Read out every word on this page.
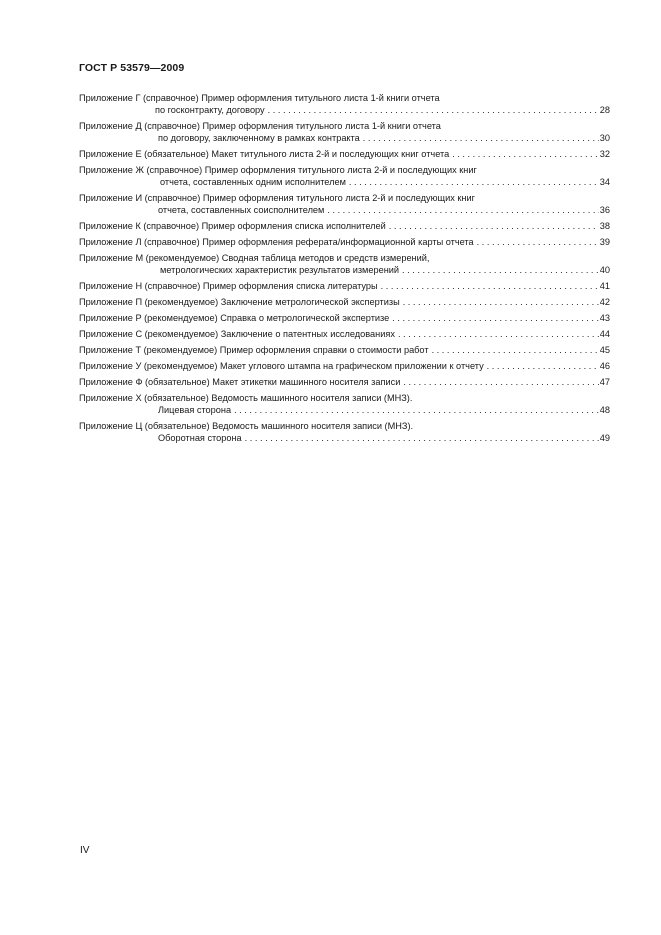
ГОСТ Р 53579—2009
Приложение Г (справочное) Пример оформления титульного листа 1-й книги отчета
по госконтракту, договору . . .	28
Приложение Д (справочное) Пример оформления титульного листа 1-й книги отчета
по договору, заключенному в рамках контракта . . .	30
Приложение Е (обязательное) Макет титульного листа 2-й и последующих книг отчета . . .	32
Приложение Ж (справочное) Пример оформления титульного листа 2-й и последующих книг
отчета, составленных одним исполнителем . . .	34
Приложение И (справочное) Пример оформления титульного листа 2-й и последующих книг
отчета, составленных соисполнителем . . .	36
Приложение К (справочное) Пример оформления списка исполнителей . . .	38
Приложение Л (справочное) Пример оформления реферата/информационной карты отчета . . .	39
Приложение М (рекомендуемое) Сводная таблица методов и средств измерений,
метрологических характеристик результатов измерений . . .	40
Приложение Н (справочное) Пример оформления списка литературы . . .	41
Приложение П (рекомендуемое) Заключение метрологической экспертизы . . .	42
Приложение Р (рекомендуемое) Справка о метрологической экспертизе . . .	43
Приложение С (рекомендуемое) Заключение о патентных исследованиях . . .	44
Приложение Т (рекомендуемое) Пример оформления справки о стоимости работ . . .	45
Приложение У (рекомендуемое) Макет углового штампа на графическом приложении к отчету . . .	46
Приложение Ф (обязательное) Макет этикетки машинного носителя записи . . .	47
Приложение Х (обязательное) Ведомость машинного носителя записи (МНЗ).
Лицевая сторона . . .	48
Приложение Ц (обязательное) Ведомость машинного носителя записи (МНЗ).
Оборотная сторона . . .	49
IV
